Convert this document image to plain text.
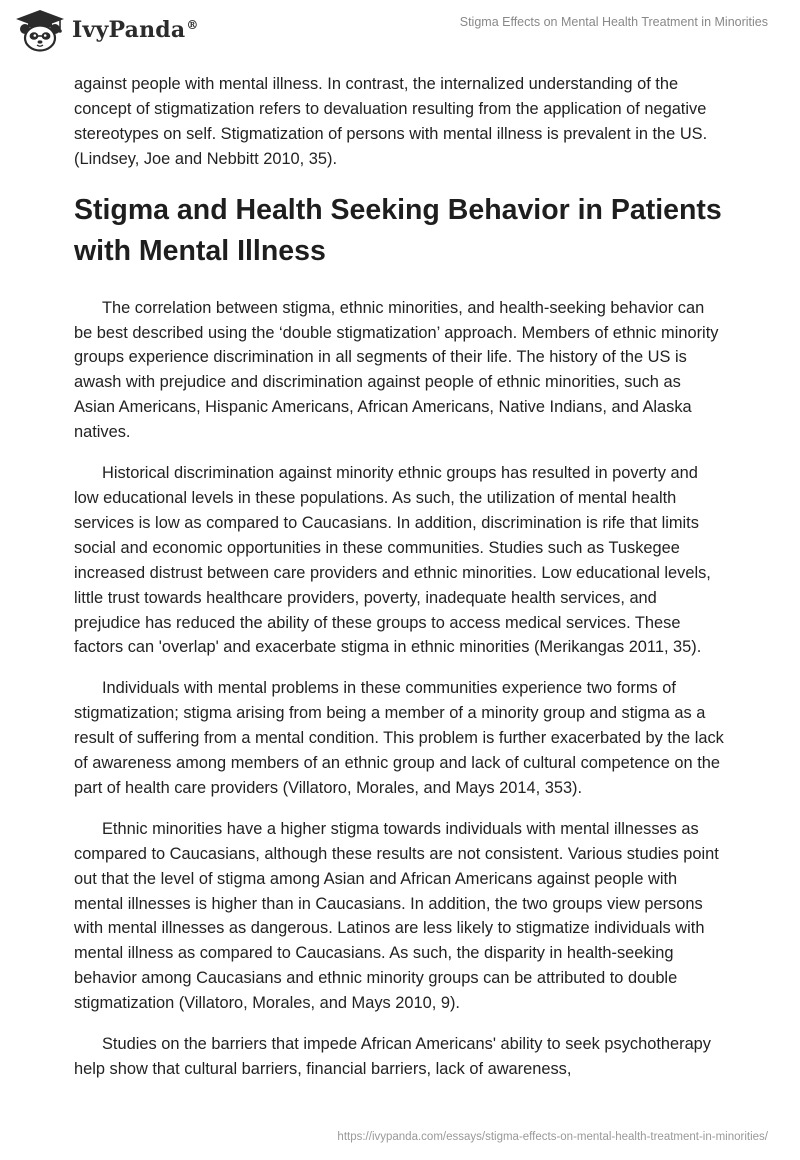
IvyPanda®	Stigma Effects on Mental Health Treatment in Minorities

against people with mental illness. In contrast, the internalized understanding of the concept of stigmatization refers to devaluation resulting from the application of negative stereotypes on self. Stigmatization of persons with mental illness is prevalent in the US. (Lindsey, Joe and Nebbitt 2010, 35).

Stigma and Health Seeking Behavior in Patients with Mental Illness

The correlation between stigma, ethnic minorities, and health-seeking behavior can be best described using the ‘double stigmatization’ approach. Members of ethnic minority groups experience discrimination in all segments of their life. The history of the US is awash with prejudice and discrimination against people of ethnic minorities, such as Asian Americans, Hispanic Americans, African Americans, Native Indians, and Alaska natives.

Historical discrimination against minority ethnic groups has resulted in poverty and low educational levels in these populations. As such, the utilization of mental health services is low as compared to Caucasians. In addition, discrimination is rife that limits social and economic opportunities in these communities. Studies such as Tuskegee increased distrust between care providers and ethnic minorities. Low educational levels, little trust towards healthcare providers, poverty, inadequate health services, and prejudice has reduced the ability of these groups to access medical services. These factors can 'overlap' and exacerbate stigma in ethnic minorities (Merikangas 2011, 35).

Individuals with mental problems in these communities experience two forms of stigmatization; stigma arising from being a member of a minority group and stigma as a result of suffering from a mental condition. This problem is further exacerbated by the lack of awareness among members of an ethnic group and lack of cultural competence on the part of health care providers (Villatoro, Morales, and Mays 2014, 353).

Ethnic minorities have a higher stigma towards individuals with mental illnesses as compared to Caucasians, although these results are not consistent. Various studies point out that the level of stigma among Asian and African Americans against people with mental illnesses is higher than in Caucasians. In addition, the two groups view persons with mental illnesses as dangerous. Latinos are less likely to stigmatize individuals with mental illness as compared to Caucasians. As such, the disparity in health-seeking behavior among Caucasians and ethnic minority groups can be attributed to double stigmatization (Villatoro, Morales, and Mays 2010, 9).

Studies on the barriers that impede African Americans' ability to seek psychotherapy help show that cultural barriers, financial barriers, lack of awareness,

https://ivypanda.com/essays/stigma-effects-on-mental-health-treatment-in-minorities/
